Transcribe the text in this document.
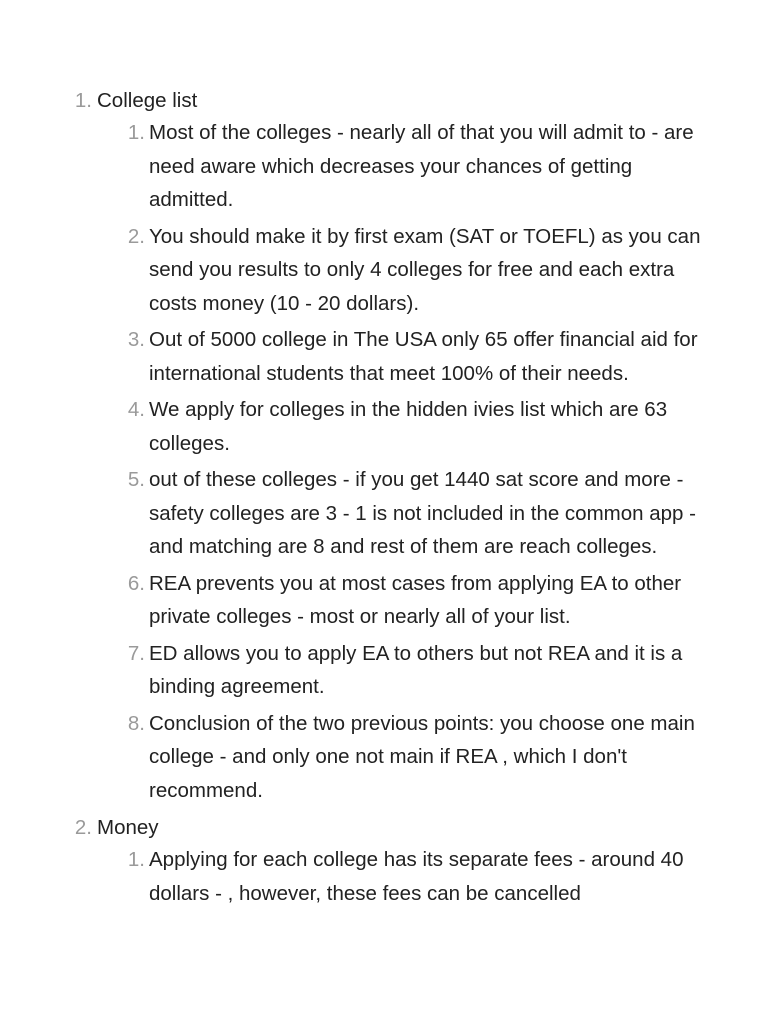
1. College list
1. Most of the colleges - nearly all of that you will admit to - are need aware which decreases your chances of getting admitted.
2. You should make it by first exam (SAT or TOEFL) as you can send you results to only 4 colleges for free and each extra costs money (10 - 20 dollars).
3. Out of 5000 college in The USA only 65 offer financial aid for international students that meet 100% of their needs.
4. We apply for colleges in the hidden ivies list which are 63 colleges.
5. out of these colleges - if you get 1440 sat score and more - safety colleges are 3 - 1 is not included in the common app - and matching are 8 and rest of them are reach colleges.
6. REA prevents you at most cases from applying EA to other private colleges - most or nearly all of your list.
7. ED allows you to apply EA to others but not REA and it is a binding agreement.
8. Conclusion of the two previous points: you choose one main college - and only one not main if REA , which I don't recommend.
2. Money
1. Applying for each college has its separate fees - around 40 dollars - , however, these fees can be cancelled
